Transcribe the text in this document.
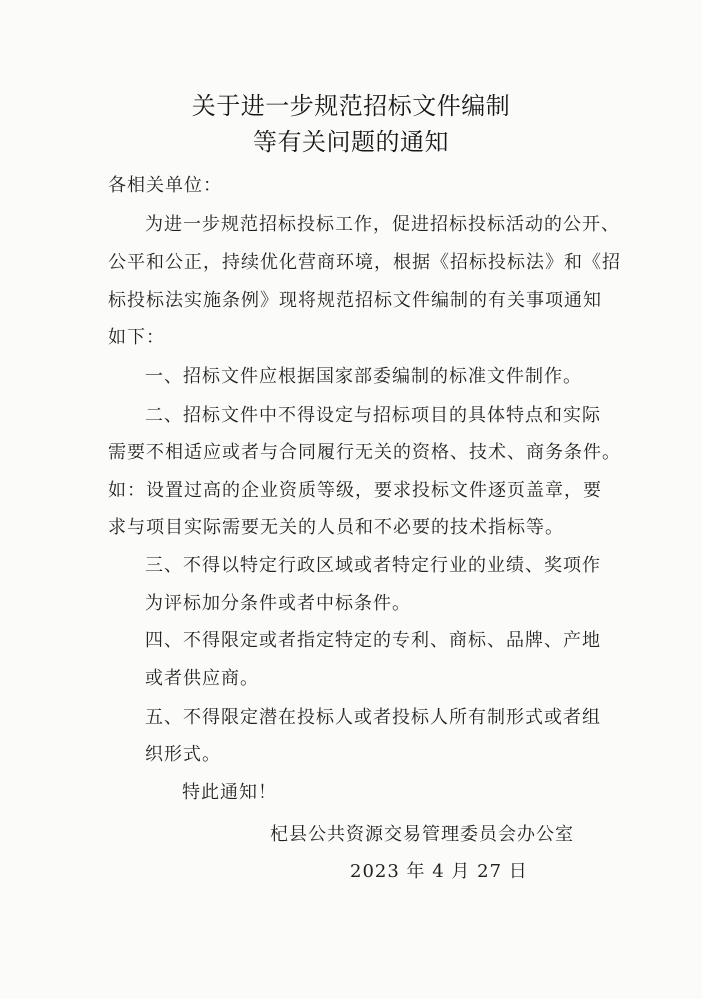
关于进一步规范招标文件编制
等有关问题的通知
各相关单位：
为进一步规范招标投标工作，促进招标投标活动的公开、
公平和公正，持续优化营商环境，根据《招标投标法》和《招
标投标法实施条例》现将规范招标文件编制的有关事项通知
如下：
一、招标文件应根据国家部委编制的标准文件制作。
二、招标文件中不得设定与招标项目的具体特点和实际
需要不相适应或者与合同履行无关的资格、技术、商务条件。
如：设置过高的企业资质等级，要求投标文件逐页盖章，要
求与项目实际需要无关的人员和不必要的技术指标等。
三、不得以特定行政区域或者特定行业的业绩、奖项作
为评标加分条件或者中标条件。
四、不得限定或者指定特定的专利、商标、品牌、产地
或者供应商。
五、不得限定潜在投标人或者投标人所有制形式或者组
织形式。
特此通知！
杞县公共资源交易管理委员会办公室
2023 年 4 月 27 日
